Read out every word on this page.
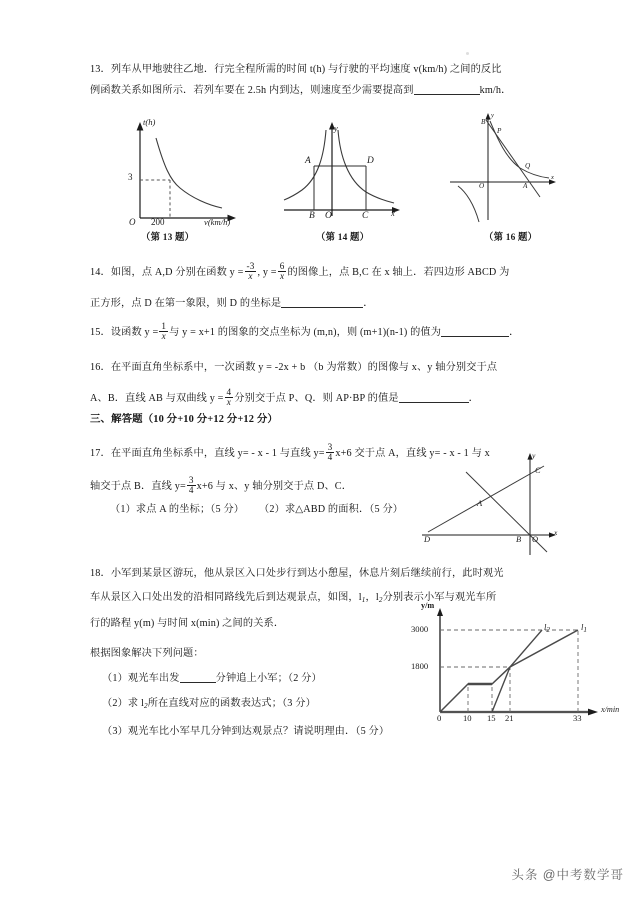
13．列车从甲地驶往乙地．行完全程所需的时间 t(h) 与行驶的平均速度 v(km/h) 之间的反比
例函数关系如图所示．若列车要在 2.5h 内到达，则速度至少需要提高到	km/h．
t(h)
3
O 200	v(km/h)
（第 13 题）
y
x
A	D
B O	C
（第 14 题）
B
P
Q
A
O
x
y
（第 16 题）
14．如图，点 A,D 分别在函数 $y = \frac{-3}{x}$ , $y = \frac{6}{x}$ 的图像上，点 B,C 在 x 轴上．若四边形 ABCD 为
正方形，点 D 在第一象限，则 D 的坐标是	．
15．设函数 $y = \frac{1}{x}$ 与 y = x+1 的图象的交点坐标为 (m,n)，则 (m+1)(n-1) 的值为	．
16．在平面直角坐标系中，一次函数 y = -2x + b （b 为常数）的图像与 x、y 轴分别交于点
A、B．直线 AB 与双曲线 $y = \frac{4}{x}$ 分别交于点 P、Q．则 AP·BP 的值是	．
三、解答题（10 分+10 分+12 分+12 分）
17．在平面直角坐标系中，直线 y= - x - 1 与直线 $y= \frac{3}{4} x+6$ 交于点 A，直线 y= - x - 1 与 x
轴交于点 B．直线 $y= \frac{3}{4} x+6$ 与 x、y 轴分别交于点 D、C．
（1）求点 A 的坐标；（5 分） （2）求△ABD 的面积．（5 分）
y
x
C
A
D	B O
18．小军到某景区游玩，他从景区入口处步行到达小憩屋，休息片刻后继续前行，此时观光
车从景区入口处出发的沿相同路线先后到达观景点，如图，$l_1$，$l_2$分别表示小军与观光车所
行的路程 y(m) 与时间 x(min) 之间的关系．
根据图象解决下列问题：
（1）观光车出发	分钟追上小军；（2 分）
（2）求 $l_2$所在直线对应的函数表达式；（3 分）
（3）观光车比小军早几分钟到达观景点？请说明理由．（5 分）
y/m
x/min
3000
1800
0	10 15 21	33
$l_2$	$l_1$
头条 @中考数学哥
